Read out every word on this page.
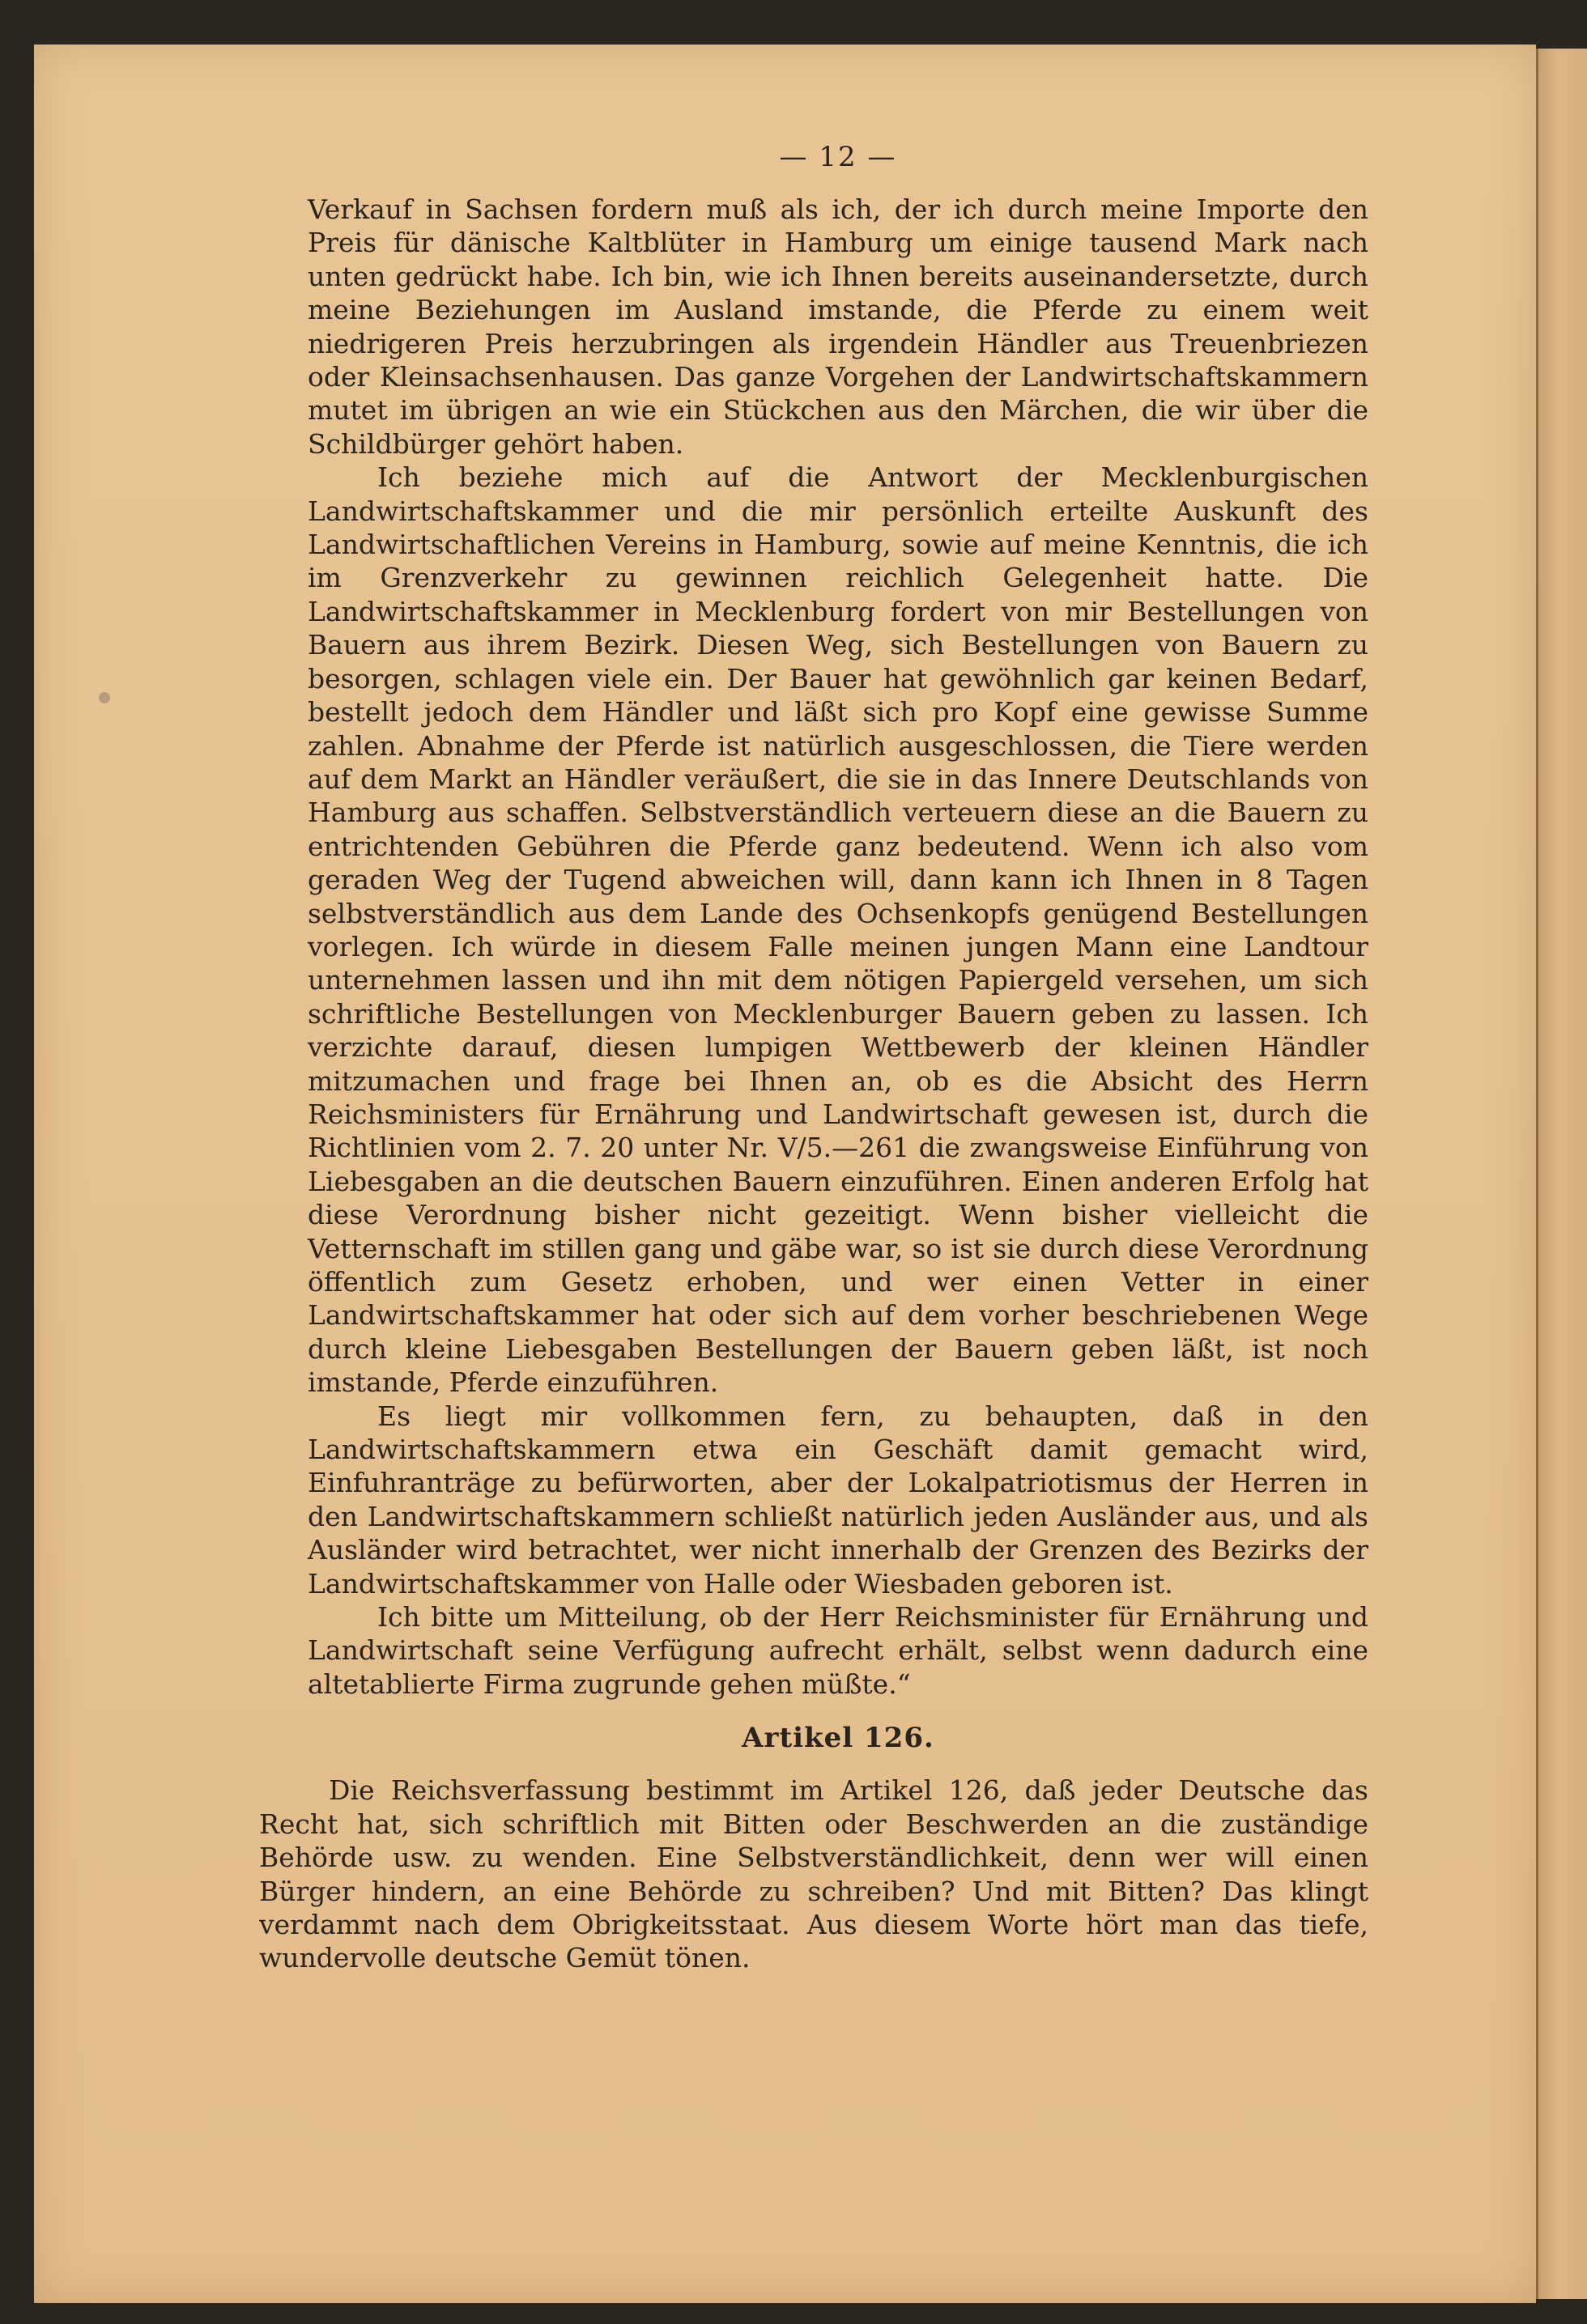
— 12 —

Verkauf in Sachsen fordern muß als ich, der ich durch meine Importe den Preis für dänische Kaltblüter in Hamburg um einige tausend Mark nach unten gedrückt habe. Ich bin, wie ich Ihnen bereits auseinandersetzte, durch meine Beziehungen im Ausland imstande, die Pferde zu einem weit niedrigeren Preis herzubringen als irgendein Händler aus Treuenbriezen oder Kleinsachsenhausen. Das ganze Vorgehen der Landwirtschaftskammern mutet im übrigen an wie ein Stückchen aus den Märchen, die wir über die Schildbürger gehört haben.

Ich beziehe mich auf die Antwort der Mecklenburgischen Landwirtschaftskammer und die mir persönlich erteilte Auskunft des Landwirtschaftlichen Vereins in Hamburg, sowie auf meine Kenntnis, die ich im Grenzverkehr zu gewinnen reichlich Gelegenheit hatte. Die Landwirtschaftskammer in Mecklenburg fordert von mir Bestellungen von Bauern aus ihrem Bezirk. Diesen Weg, sich Bestellungen von Bauern zu besorgen, schlagen viele ein. Der Bauer hat gewöhnlich gar keinen Bedarf, bestellt jedoch dem Händler und läßt sich pro Kopf eine gewisse Summe zahlen. Abnahme der Pferde ist natürlich ausgeschlossen, die Tiere werden auf dem Markt an Händler veräußert, die sie in das Innere Deutschlands von Hamburg aus schaffen. Selbstverständlich verteuern diese an die Bauern zu entrichtenden Gebühren die Pferde ganz bedeutend. Wenn ich also vom geraden Weg der Tugend abweichen will, dann kann ich Ihnen in 8 Tagen selbstverständlich aus dem Lande des Ochsenkopfs genügend Bestellungen vorlegen. Ich würde in diesem Falle meinen jungen Mann eine Landtour unternehmen lassen und ihn mit dem nötigen Papiergeld versehen, um sich schriftliche Bestellungen von Mecklenburger Bauern geben zu lassen. Ich verzichte darauf, diesen lumpigen Wettbewerb der kleinen Händler mitzumachen und frage bei Ihnen an, ob es die Absicht des Herrn Reichsministers für Ernährung und Landwirtschaft gewesen ist, durch die Richtlinien vom 2. 7. 20 unter Nr. V/5.—261 die zwangsweise Einführung von Liebesgaben an die deutschen Bauern einzuführen. Einen anderen Erfolg hat diese Verordnung bisher nicht gezeitigt. Wenn bisher vielleicht die Vetternschaft im stillen gang und gäbe war, so ist sie durch diese Verordnung öffentlich zum Gesetz erhoben, und wer einen Vetter in einer Landwirtschaftskammer hat oder sich auf dem vorher beschriebenen Wege durch kleine Liebesgaben Bestellungen der Bauern geben läßt, ist noch imstande, Pferde einzuführen.

Es liegt mir vollkommen fern, zu behaupten, daß in den Landwirtschaftskammern etwa ein Geschäft damit gemacht wird, Einfuhranträge zu befürworten, aber der Lokalpatriotismus der Herren in den Landwirtschaftskammern schließt natürlich jeden Ausländer aus, und als Ausländer wird betrachtet, wer nicht innerhalb der Grenzen des Bezirks der Landwirtschaftskammer von Halle oder Wiesbaden geboren ist.

Ich bitte um Mitteilung, ob der Herr Reichsminister für Ernährung und Landwirtschaft seine Verfügung aufrecht erhält, selbst wenn dadurch eine altetablierte Firma zugrunde gehen müßte.“

Artikel 126.

Die Reichsverfassung bestimmt im Artikel 126, daß jeder Deutsche das Recht hat, sich schriftlich mit Bitten oder Beschwerden an die zuständige Behörde usw. zu wenden. Eine Selbstverständlichkeit, denn wer will einen Bürger hindern, an eine Behörde zu schreiben? Und mit Bitten? Das klingt verdammt nach dem Obrigkeitsstaat. Aus diesem Worte hört man das tiefe, wundervolle deutsche Gemüt tönen.
